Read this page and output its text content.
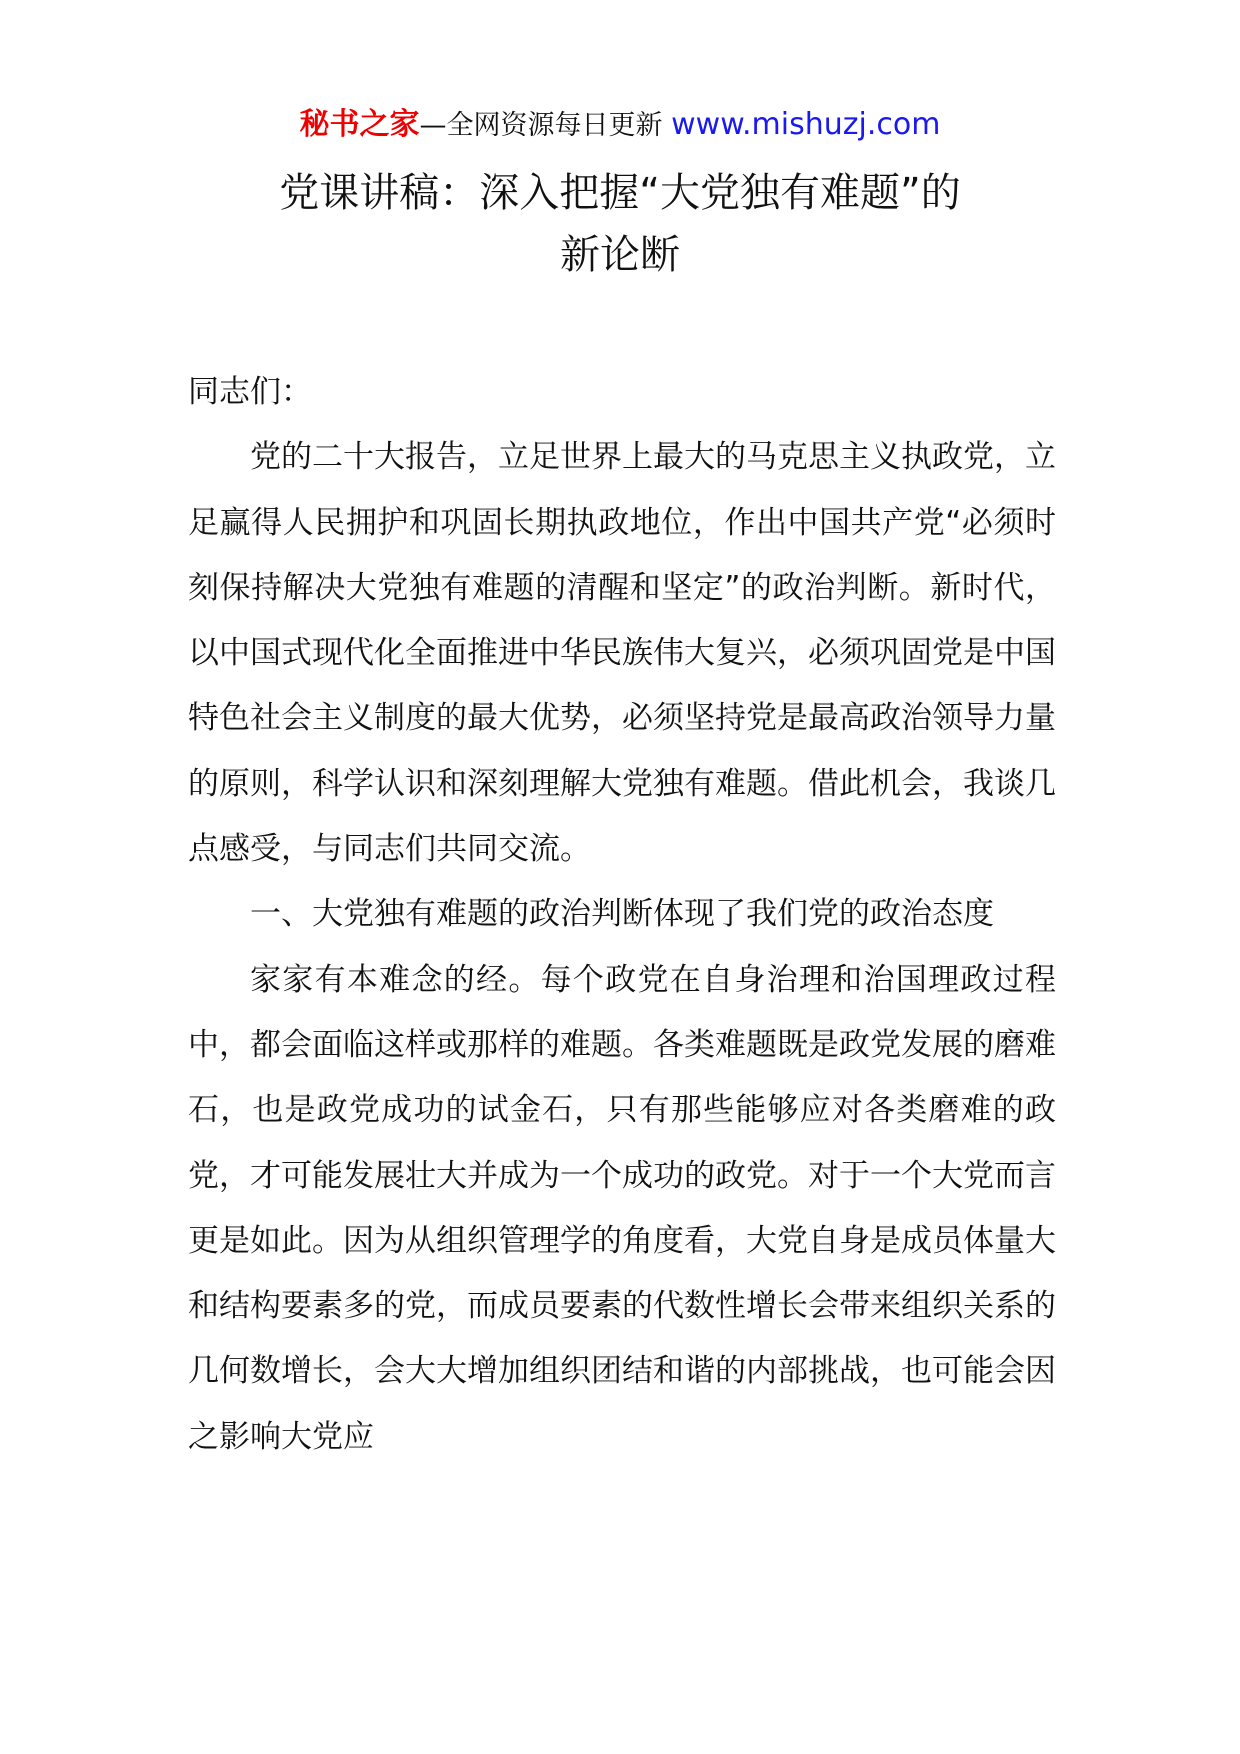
秘书之家—全网资源每日更新 www.mishuzj.com
党课讲稿：深入把握“大党独有难题”的
新论断

同志们：

党的二十大报告，立足世界上最大的马克思主义执政党，立足赢得人民拥护和巩固长期执政地位，作出中国共产党“必须时刻保持解决大党独有难题的清醒和坚定”的政治判断。新时代，以中国式现代化全面推进中华民族伟大复兴，必须巩固党是中国特色社会主义制度的最大优势，必须坚持党是最高政治领导力量的原则，科学认识和深刻理解大党独有难题。借此机会，我谈几点感受，与同志们共同交流。

一、大党独有难题的政治判断体现了我们党的政治态度

家家有本难念的经。每个政党在自身治理和治国理政过程中，都会面临这样或那样的难题。各类难题既是政党发展的磨难石，也是政党成功的试金石，只有那些能够应对各类磨难的政党，才可能发展壮大并成为一个成功的政党。对于一个大党而言更是如此。因为从组织管理学的角度看，大党自身是成员体量大和结构要素多的党，而成员要素的代数性增长会带来组织关系的几何数增长，会大大增加组织团结和谐的内部挑战，也可能会因之影响大党应
